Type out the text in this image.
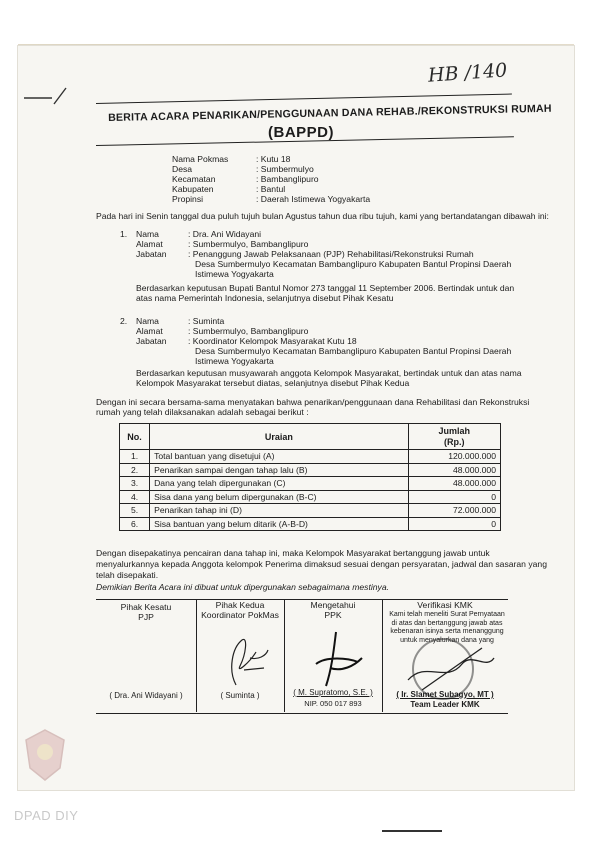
HB /140
BERITA ACARA PENARIKAN/PENGGUNAAN DANA REHAB./REKONSTRUKSI RUMAH
(BAPPD)
Nama Pokmas	: Kutu 18
Desa	: Sumbermulyo
Kecamatan	: Bambanglipuro
Kabupaten	: Bantul
Propinsi	: Daerah Istimewa Yogyakarta
Pada hari ini Senin tanggal dua puluh tujuh bulan Agustus tahun dua ribu tujuh, kami yang bertandatangan dibawah ini:
1. Nama	: Dra. Ani Widayani
Alamat	: Sumbermulyo, Bambanglipuro
Jabatan : Penanggung Jawab Pelaksanaan (PJP) Rehabilitasi/Rekonstruksi Rumah
Desa Sumbermulyo Kecamatan Bambanglipuro Kabupaten Bantul Propinsi Daerah
Istimewa Yogyakarta
Berdasarkan keputusan Bupati Bantul Nomor 273 tanggal 11 September 2006. Bertindak untuk dan
atas nama Pemerintah Indonesia, selanjutnya disebut Pihak Kesatu
2. Nama	: Suminta
Alamat	: Sumbermulyo, Bambanglipuro
Jabatan : Koordinator Kelompok Masyarakat Kutu 18
Desa Sumbermulyo Kecamatan Bambanglipuro Kabupaten Bantul Propinsi Daerah
Istimewa Yogyakarta
Berdasarkan keputusan musyawarah anggota Kelompok Masyarakat, bertindak untuk dan atas nama
Kelompok Masyarakat tersebut diatas, selanjutnya disebut Pihak Kedua
Dengan ini secara bersama-sama menyatakan bahwa penarikan/penggunaan dana Rehabilitasi dan Rekonstruksi
rumah yang telah dilaksanakan adalah sebagai berikut :
No.	Uraian	Jumlah
(Rp.)

1.	Total bantuan yang disetujui (A)	120.000.000
2.	Penarikan sampai dengan tahap lalu (B)	48.000.000
3.	Dana yang telah dipergunakan (C)	48.000.000
4.	Sisa dana yang belum dipergunakan (B-C)	0
5.	Penarikan tahap ini (D)	72.000.000
6.	Sisa bantuan yang belum ditarik (A-B-D)	0
Dengan disepakatinya pencairan dana tahap ini, maka Kelompok Masyarakat bertanggung jawab untuk
menyalurkannya kepada Anggota kelompok Penerima dimaksud sesuai dengan persyaratan, jadwal dan sasaran yang
telah disepakati.
Demikian Berita Acara ini dibuat untuk dipergunakan sebagaimana mestinya.
Pihak Kesatu
PJP
( Dra. Ani Widayani )
Pihak Kedua
Koordinator PokMas
( Suminta )
Mengetahui
PPK
( M. Supratomo, S.E. )
NIP. 050 017 893
Verifikasi KMK
Kami telah meneliti Surat Pernyataan
di atas dan bertanggung jawab atas
kebenaran isinya serta menanggung
untuk menyalurkan dana yang
( Ir. Slamet Subagyo, MT )
Team Leader KMK
DPAD DIY
